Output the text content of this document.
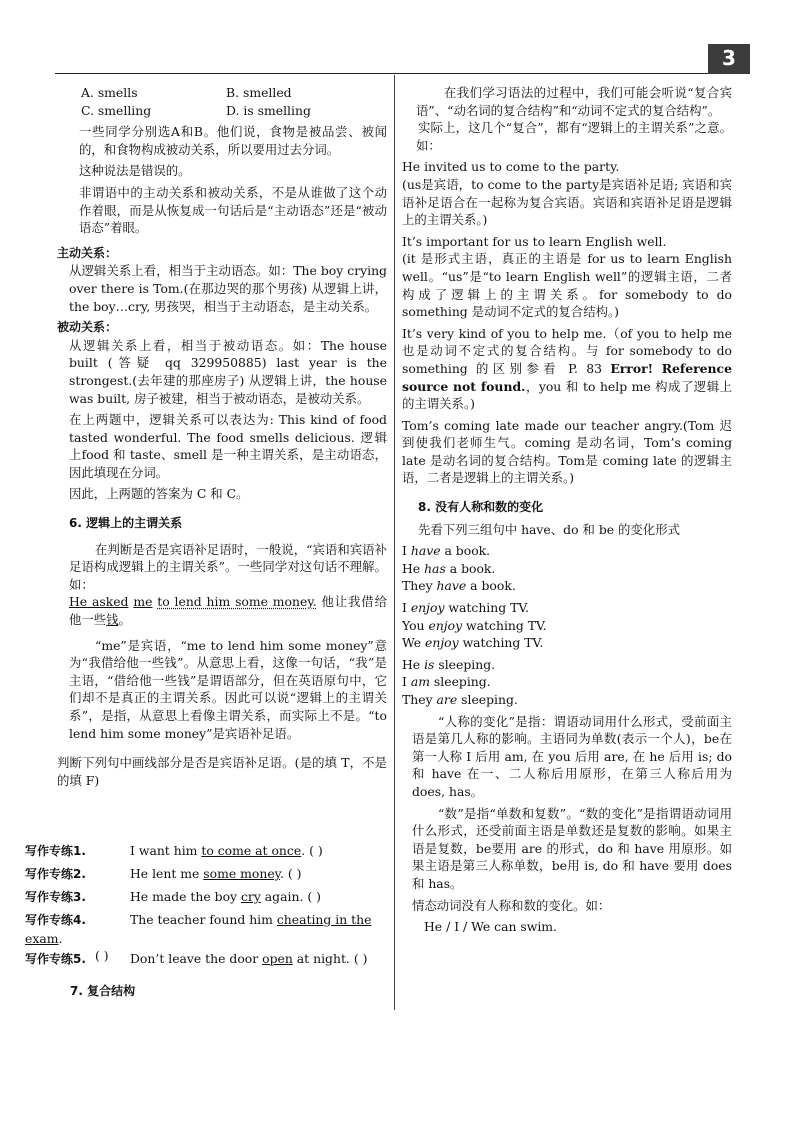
3
A. smells	B. smelled
C. smelling	D. is smelling

一些同学分别选A和B。他们说，食物是被品尝、被闻的，和食物构成被动关系，所以要用过去分词。

这种说法是错误的。

非谓语中的主动关系和被动关系，不是从谁做了这个动作着眼，而是从恢复成一句话后是“主动语态”还是“被动语态”着眼。

主动关系：

从逻辑关系上看，相当于主动语态。如：The boy crying over there is Tom.(在那边哭的那个男孩) 从逻辑上讲，the boy…cry, 男孩哭，相当于主动语态，是主动关系。

被动关系：

从逻辑关系上看，相当于被动语态。如：The house built (答疑 qq 329950885) last year is the strongest.(去年建的那座房子) 从逻辑上讲，the house was built, 房子被建，相当于被动语态，是被动关系。

在上两题中，逻辑关系可以表达为: This kind of food tasted wonderful. The food smells delicious. 逻辑上food 和 taste、smell 是一种主谓关系，是主动语态，因此填现在分词。

因此，上两题的答案为 C 和 C。

6. 逻辑上的主谓关系

在判断是否是宾语补足语时，一般说，“宾语和宾语补足语构成逻辑上的主谓关系”。一些同学对这句话不理解。如：

He asked me to lend him some money. 他让我借给他一些钱。

“me”是宾语，“me to lend him some money”意为“我借给他一些钱”。从意思上看，这像一句话，“我”是主语，“借给他一些钱”是谓语部分，但在英语原句中，它们却不是真正的主谓关系。因此可以说“逻辑上的主谓关系”，是指，从意思上看像主谓关系，而实际上不是。“to lend him some money”是宾语补足语。

判断下列句中画线部分是否是宾语补足语。(是的填 T，不是的填 F)

写作专练1.	I want him to come at once. ( )
写作专练2.	He lent me some money. ( )
写作专练3.	He made the boy cry again. ( )
写作专练4.	The teacher found him cheating in the exam.
( )
写作专练5.	Don’t leave the door open at night. ( )

7. 复合结构

在我们学习语法的过程中，我们可能会听说“复合宾语”、“动名词的复合结构”和“动词不定式的复合结构”。

实际上，这几个“复合”，都有“逻辑上的主谓关系”之意。如：

He invited us to come to the party.

(us是宾语，to come to the party是宾语补足语; 宾语和宾语补足语合在一起称为复合宾语。宾语和宾语补足语是逻辑上的主谓关系。)

It’s important for us to learn English well.

(it 是形式主语，真正的主语是 for us to learn English well。“us”是“to learn English well”的逻辑主语，二者构成了逻辑上的主谓关系。for somebody to do something 是动词不定式的复合结构。)

It’s very kind of you to help me.（of you to help me 也是动词不定式的复合结构。与 for somebody to do something 的区别参看 P. 83 Error! Reference source not found.，you 和 to help me 构成了逻辑上的主谓关系。)

Tom’s coming late made our teacher angry.(Tom 迟到使我们老师生气。coming 是动名词，Tom’s coming late 是动名词的复合结构。Tom是 coming late 的逻辑主语，二者是逻辑上的主谓关系。)

8. 没有人称和数的变化

先看下列三组句中 have、do 和 be 的变化形式

I have a book.

He has a book.

They have a book.

I enjoy watching TV.

You enjoy watching TV.

We enjoy watching TV.

He is sleeping.

I am sleeping.

They are sleeping.

“人称的变化”是指：谓语动词用什么形式，受前面主语是第几人称的影响。主语同为单数(表示一个人)，be在第一人称 I 后用 am, 在 you 后用 are, 在 he 后用 is; do 和 have 在一、二人称后用原形，在第三人称后用为 does, has。

“数”是指“单数和复数”。“数的变化”是指谓语动词用什么形式，还受前面主语是单数还是复数的影响。如果主语是复数，be要用 are 的形式，do 和 have 用原形。如果主语是第三人称单数，be用 is, do 和 have 要用 does 和 has。

情态动词没有人称和数的变化。如：

He / I / We can swim.
